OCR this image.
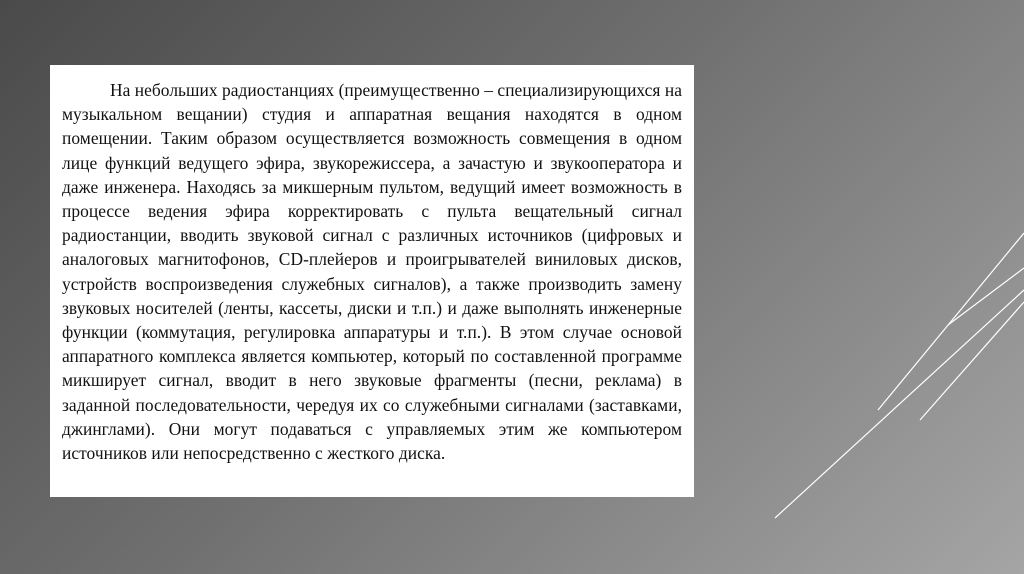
На небольших радиостанциях (преимущественно – специализирующихся на музыкальном вещании) студия и аппаратная вещания находятся в одном помещении. Таким образом осуществляется возможность совмещения в одном лице функций ведущего эфира, звукорежиссера, а зачастую и звукооператора и даже инженера. Находясь за микшерным пультом, ведущий имеет возможность в процессе ведения эфира корректировать с пульта вещательный сигнал радиостанции, вводить звуковой сигнал с различных источников (цифровых и аналоговых магнитофонов, CD-плейеров и проигрывателей виниловых дисков, устройств воспроизведения служебных сигналов), а также производить замену звуковых носителей (ленты, кассеты, диски и т.п.) и даже выполнять инженерные функции (коммутация, регулировка аппаратуры и т.п.). В этом случае основой аппаратного комплекса является компьютер, который по составленной программе микширует сигнал, вводит в него звуковые фрагменты (песни, реклама) в заданной последовательности, чередуя их со служебными сигналами (заставками, джинглами). Они могут подаваться с управляемых этим же компьютером источников или непосредственно с жесткого диска.
